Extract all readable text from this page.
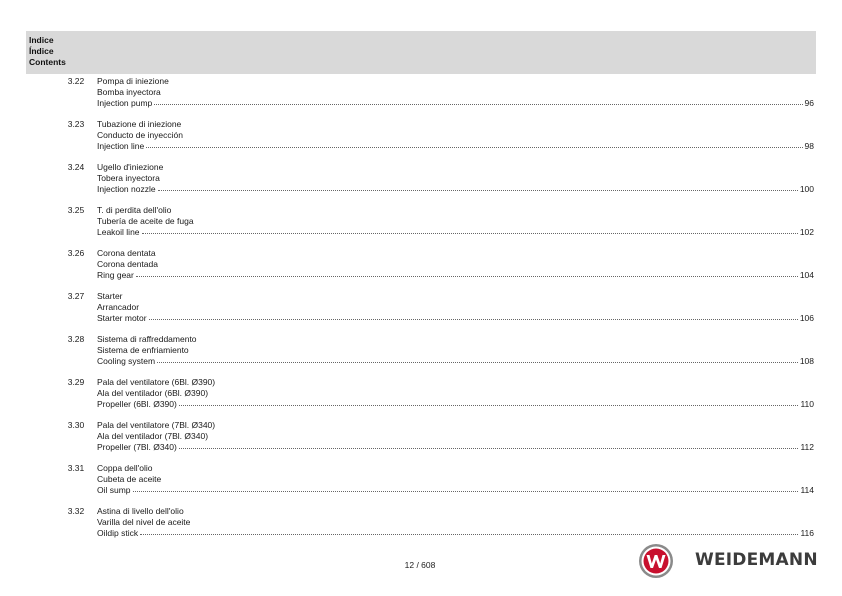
Indice
Índice
Contents
3.22	Pompa di iniezione
Bomba inyectora
Injection pump	96
3.23	Tubazione di iniezione
Conducto de inyección
Injection line	98
3.24	Ugello d'iniezione
Tobera inyectora
Injection nozzle	100
3.25	T. di perdita dell'olio
Tubería de aceite de fuga
Leakoil line	102
3.26	Corona dentata
Corona dentada
Ring gear	104
3.27	Starter
Arrancador
Starter motor	106
3.28	Sistema di raffreddamento
Sistema de enfriamiento
Cooling system	108
3.29	Pala del ventilatore (6Bl. Ø390)
Ala del ventilador (6Bl. Ø390)
Propeller (6Bl. Ø390)	110
3.30	Pala del ventilatore (7Bl. Ø340)
Ala del ventilador (7Bl. Ø340)
Propeller (7Bl. Ø340)	112
3.31	Coppa dell'olio
Cubeta de aceite
Oil sump	114
3.32	Astina di livello dell'olio
Varilla del nivel de aceite
Oildip stick	116
12 / 608	WEIDEMANN
